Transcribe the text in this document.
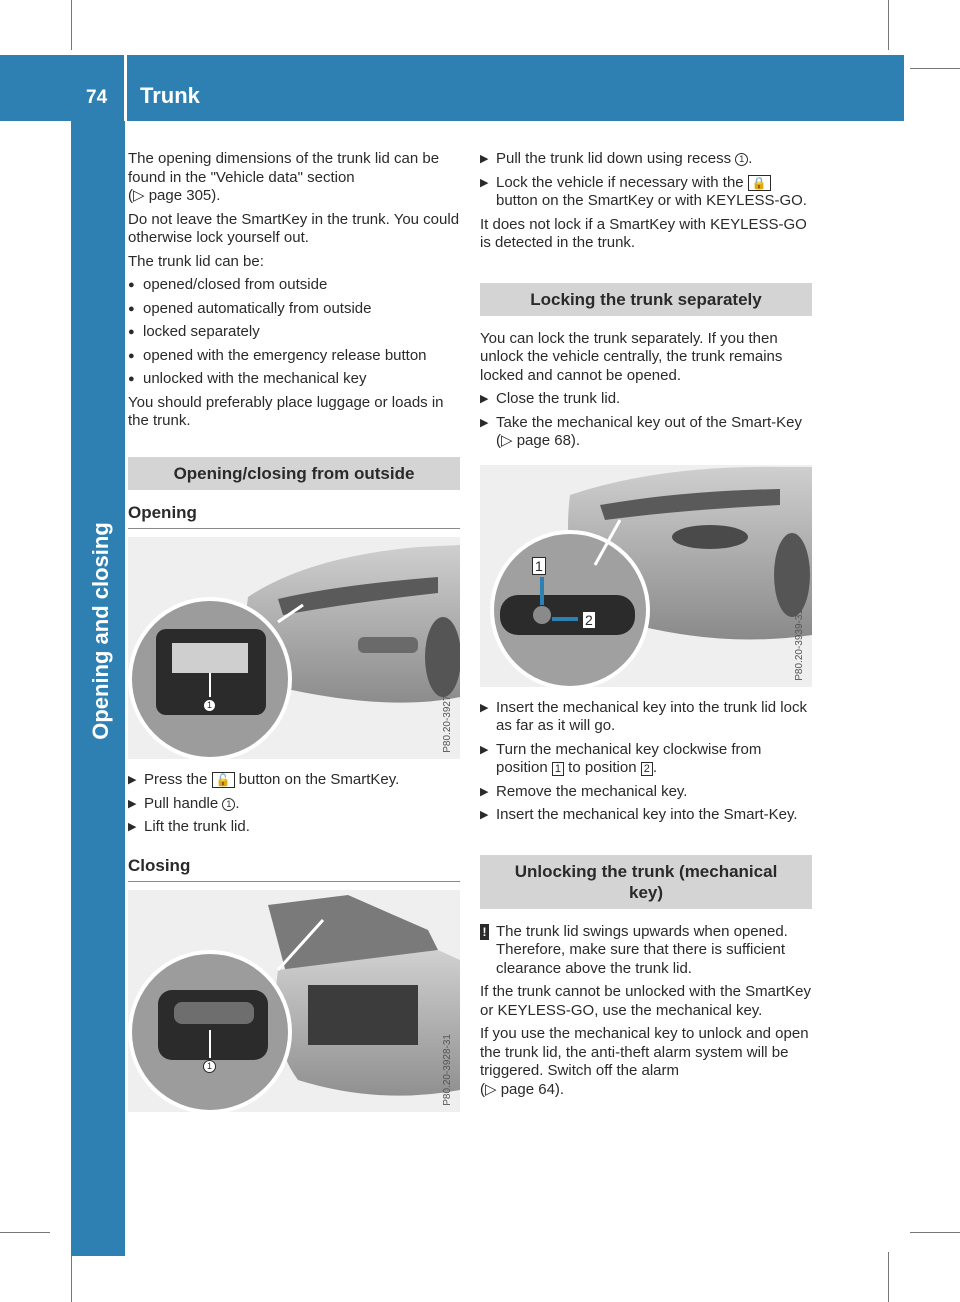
74 Trunk
Opening and closing

The opening dimensions of the trunk lid can be found in the "Vehicle data" section
(▷ page 305).

Do not leave the SmartKey in the trunk. You could otherwise lock yourself out.

The trunk lid can be:

● opened/closed from outside
● opened automatically from outside
● locked separately
● opened with the emergency release button
● unlocked with the mechanical key

You should preferably place luggage or loads in the trunk.

Opening/closing from outside
Opening
1	P80.20-3927-31
▶ Press the 🔓 button on the SmartKey.
▶ Pull handle 1 .
▶ Lift the trunk lid.
Closing
1	P80.20-3928-31
▶ Pull the trunk lid down using recess 1 .
▶ Lock the vehicle if necessary with the 🔒 button on the SmartKey or with KEYLESS-GO.

It does not lock if a SmartKey with KEYLESS-GO is detected in the trunk.

Locking the trunk separately

You can lock the trunk separately. If you then unlock the vehicle centrally, the trunk remains locked and cannot be opened.

▶ Close the trunk lid.
▶ Take the mechanical key out of the Smart-Key (▷ page 68).
1
2	P80.20-3939-31
▶ Insert the mechanical key into the trunk lid lock as far as it will go.
▶ Turn the mechanical key clockwise from position 1 to position 2 .
▶ Remove the mechanical key.
▶ Insert the mechanical key into the Smart-Key.
Unlocking the trunk (mechanical key)
! The trunk lid swings upwards when opened. Therefore, make sure that there is sufficient clearance above the trunk lid.

If the trunk cannot be unlocked with the SmartKey or KEYLESS-GO, use the mechanical key.

If you use the mechanical key to unlock and open the trunk lid, the anti-theft alarm system will be triggered. Switch off the alarm
(▷ page 64).
